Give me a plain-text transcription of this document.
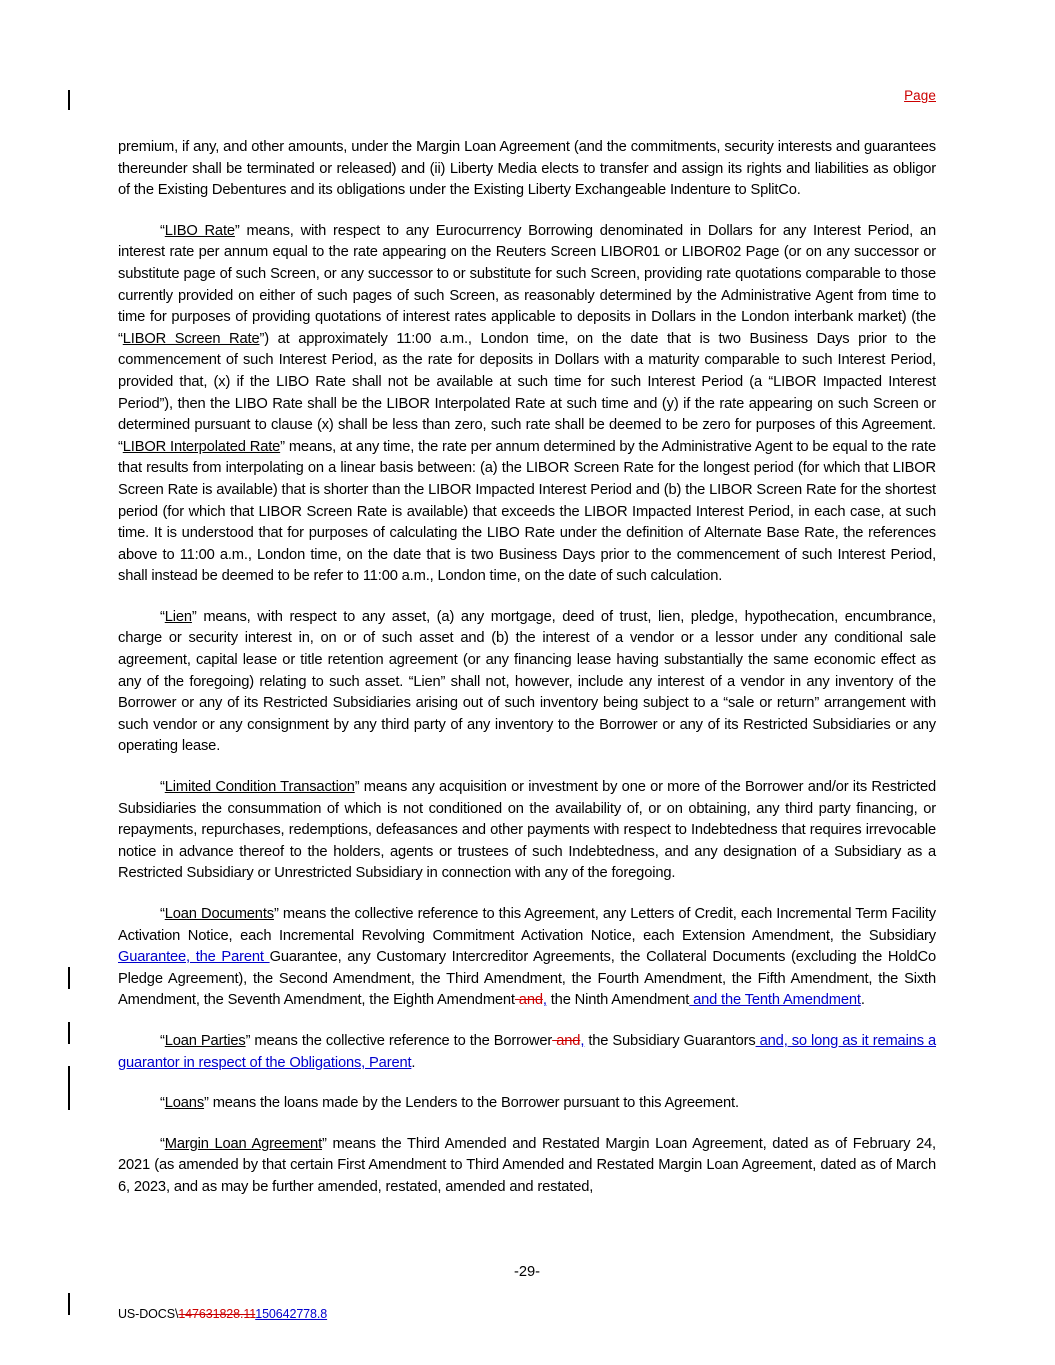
Page

premium, if any, and other amounts, under the Margin Loan Agreement (and the commitments, security interests and guarantees thereunder shall be terminated or released) and (ii) Liberty Media elects to transfer and assign its rights and liabilities as obligor of the Existing Debentures and its obligations under the Existing Liberty Exchangeable Indenture to SplitCo.

“LIBO Rate” means, with respect to any Eurocurrency Borrowing denominated in Dollars for any Interest Period, an interest rate per annum equal to the rate appearing on the Reuters Screen LIBOR01 or LIBOR02 Page (or on any successor or substitute page of such Screen, or any successor to or substitute for such Screen, providing rate quotations comparable to those currently provided on either of such pages of such Screen, as reasonably determined by the Administrative Agent from time to time for purposes of providing quotations of interest rates applicable to deposits in Dollars in the London interbank market) (the “LIBOR Screen Rate”) at approximately 11:00 a.m., London time, on the date that is two Business Days prior to the commencement of such Interest Period, as the rate for deposits in Dollars with a maturity comparable to such Interest Period, provided that, (x) if the LIBO Rate shall not be available at such time for such Interest Period (a “LIBOR Impacted Interest Period”), then the LIBO Rate shall be the LIBOR Interpolated Rate at such time and (y) if the rate appearing on such Screen or determined pursuant to clause (x) shall be less than zero, such rate shall be deemed to be zero for purposes of this Agreement. “LIBOR Interpolated Rate” means, at any time, the rate per annum determined by the Administrative Agent to be equal to the rate that results from interpolating on a linear basis between: (a) the LIBOR Screen Rate for the longest period (for which that LIBOR Screen Rate is available) that is shorter than the LIBOR Impacted Interest Period and (b) the LIBOR Screen Rate for the shortest period (for which that LIBOR Screen Rate is available) that exceeds the LIBOR Impacted Interest Period, in each case, at such time. It is understood that for purposes of calculating the LIBO Rate under the definition of Alternate Base Rate, the references above to 11:00 a.m., London time, on the date that is two Business Days prior to the commencement of such Interest Period, shall instead be deemed to be refer to 11:00 a.m., London time, on the date of such calculation.

“Lien” means, with respect to any asset, (a) any mortgage, deed of trust, lien, pledge, hypothecation, encumbrance, charge or security interest in, on or of such asset and (b) the interest of a vendor or a lessor under any conditional sale agreement, capital lease or title retention agreement (or any financing lease having substantially the same economic effect as any of the foregoing) relating to such asset. “Lien” shall not, however, include any interest of a vendor in any inventory of the Borrower or any of its Restricted Subsidiaries arising out of such inventory being subject to a “sale or return” arrangement with such vendor or any consignment by any third party of any inventory to the Borrower or any of its Restricted Subsidiaries or any operating lease.

“Limited Condition Transaction” means any acquisition or investment by one or more of the Borrower and/or its Restricted Subsidiaries the consummation of which is not conditioned on the availability of, or on obtaining, any third party financing, or repayments, repurchases, redemptions, defeasances and other payments with respect to Indebtedness that requires irrevocable notice in advance thereof to the holders, agents or trustees of such Indebtedness, and any designation of a Subsidiary as a Restricted Subsidiary or Unrestricted Subsidiary in connection with any of the foregoing.

“Loan Documents” means the collective reference to this Agreement, any Letters of Credit, each Incremental Term Facility Activation Notice, each Incremental Revolving Commitment Activation Notice, each Extension Amendment, the Subsidiary Guarantee, the Parent Guarantee, any Customary Intercreditor Agreements, the Collateral Documents (excluding the HoldCo Pledge Agreement), the Second Amendment, the Third Amendment, the Fourth Amendment, the Fifth Amendment, the Sixth Amendment, the Seventh Amendment, the Eighth Amendment and, the Ninth Amendment and the Tenth Amendment.

“Loan Parties” means the collective reference to the Borrower and, the Subsidiary Guarantors and, so long as it remains a guarantor in respect of the Obligations, Parent.

“Loans” means the loans made by the Lenders to the Borrower pursuant to this Agreement.

“Margin Loan Agreement” means the Third Amended and Restated Margin Loan Agreement, dated as of February 24, 2021 (as amended by that certain First Amendment to Third Amended and Restated Margin Loan Agreement, dated as of March 6, 2023, and as may be further amended, restated, amended and restated,

-29-
US-DOCS\147631828.11150642778.8
